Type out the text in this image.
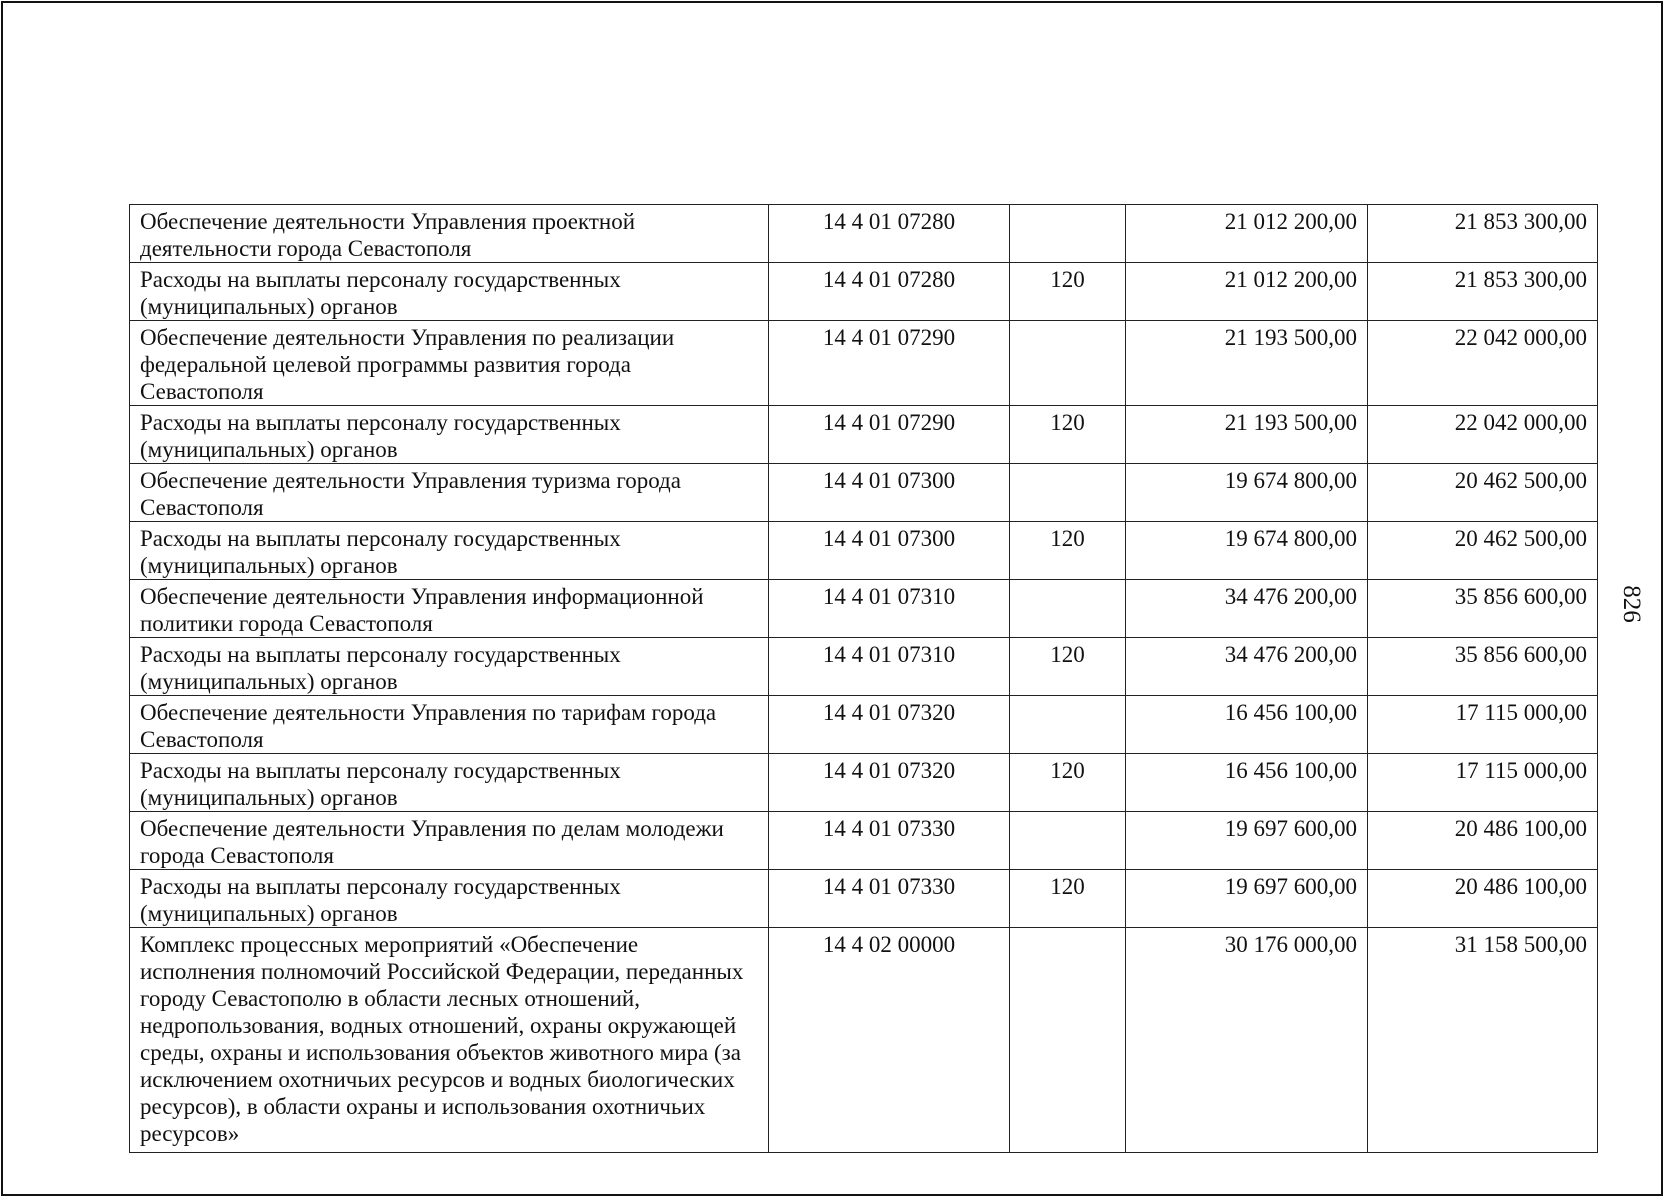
Обеспечение деятельности Управления проектной деятельности города Севастополя	14 4 01 07280		21 012 200,00	21 853 300,00
Расходы на выплаты персоналу государственных (муниципальных) органов	14 4 01 07280	120	21 012 200,00	21 853 300,00
Обеспечение деятельности Управления по реализации федеральной целевой программы развития города Севастополя	14 4 01 07290		21 193 500,00	22 042 000,00
Расходы на выплаты персоналу государственных (муниципальных) органов	14 4 01 07290	120	21 193 500,00	22 042 000,00
Обеспечение деятельности Управления туризма города Севастополя	14 4 01 07300		19 674 800,00	20 462 500,00
Расходы на выплаты персоналу государственных (муниципальных) органов	14 4 01 07300	120	19 674 800,00	20 462 500,00
Обеспечение деятельности Управления информационной политики города Севастополя	14 4 01 07310		34 476 200,00	35 856 600,00
Расходы на выплаты персоналу государственных (муниципальных) органов	14 4 01 07310	120	34 476 200,00	35 856 600,00
Обеспечение деятельности Управления по тарифам города Севастополя	14 4 01 07320		16 456 100,00	17 115 000,00
Расходы на выплаты персоналу государственных (муниципальных) органов	14 4 01 07320	120	16 456 100,00	17 115 000,00
Обеспечение деятельности Управления по делам молодежи города Севастополя	14 4 01 07330		19 697 600,00	20 486 100,00
Расходы на выплаты персоналу государственных (муниципальных) органов	14 4 01 07330	120	19 697 600,00	20 486 100,00
Комплекс процессных мероприятий «Обеспечение исполнения полномочий Российской Федерации, переданных городу Севастополю в области лесных отношений, недропользования, водных отношений, охраны окружающей среды, охраны и использования объектов животного мира (за исключением охотничьих ресурсов и водных биологических ресурсов), в области охраны и использования охотничьих ресурсов»	14 4 02 00000		30 176 000,00	31 158 500,00
826
